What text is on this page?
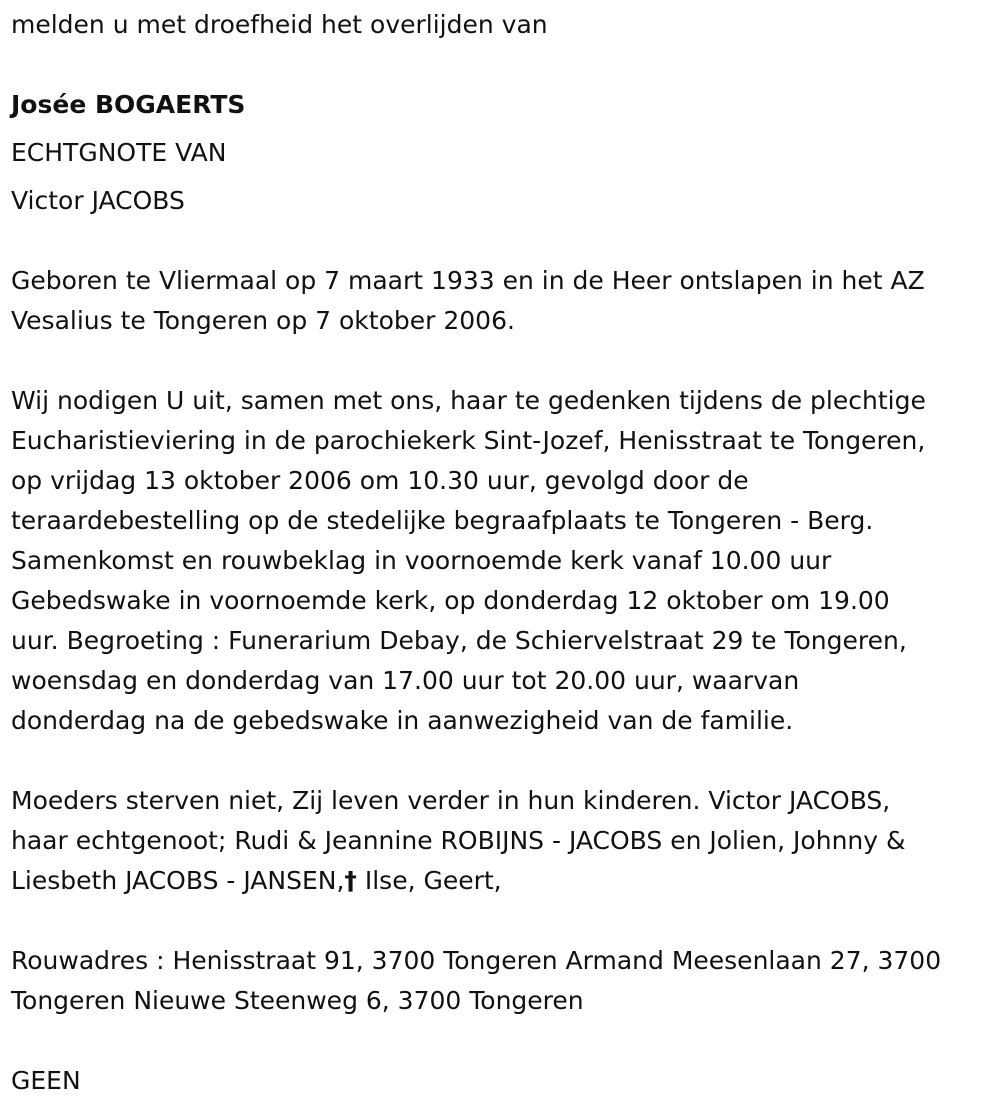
melden u met droefheid het overlijden van
Josée BOGAERTS
ECHTGNOTE VAN
Victor JACOBS
Geboren te Vliermaal op 7 maart 1933 en in de Heer ontslapen in het AZ
Vesalius te Tongeren op 7 oktober 2006.
Wij nodigen U uit, samen met ons, haar te gedenken tijdens de plechtige
Eucharistieviering in de parochiekerk Sint-Jozef, Henisstraat te Tongeren,
op vrijdag 13 oktober 2006 om 10.30 uur, gevolgd door de
teraardebestelling op de stedelijke begraafplaats te Tongeren - Berg.
Samenkomst en rouwbeklag in voornoemde kerk vanaf 10.00 uur
Gebedswake in voornoemde kerk, op donderdag 12 oktober om 19.00
uur. Begroeting : Funerarium Debay, de Schiervelstraat 29 te Tongeren,
woensdag en donderdag van 17.00 uur tot 20.00 uur, waarvan
donderdag na de gebedswake in aanwezigheid van de familie.
Moeders sterven niet, Zij leven verder in hun kinderen. Victor JACOBS,
haar echtgenoot; Rudi & Jeannine ROBIJNS - JACOBS en Jolien, Johnny &
Liesbeth JACOBS - JANSEN,† Ilse, Geert,
Rouwadres : Henisstraat 91, 3700 Tongeren Armand Meesenlaan 27, 3700
Tongeren Nieuwe Steenweg 6, 3700 Tongeren
GEEN
